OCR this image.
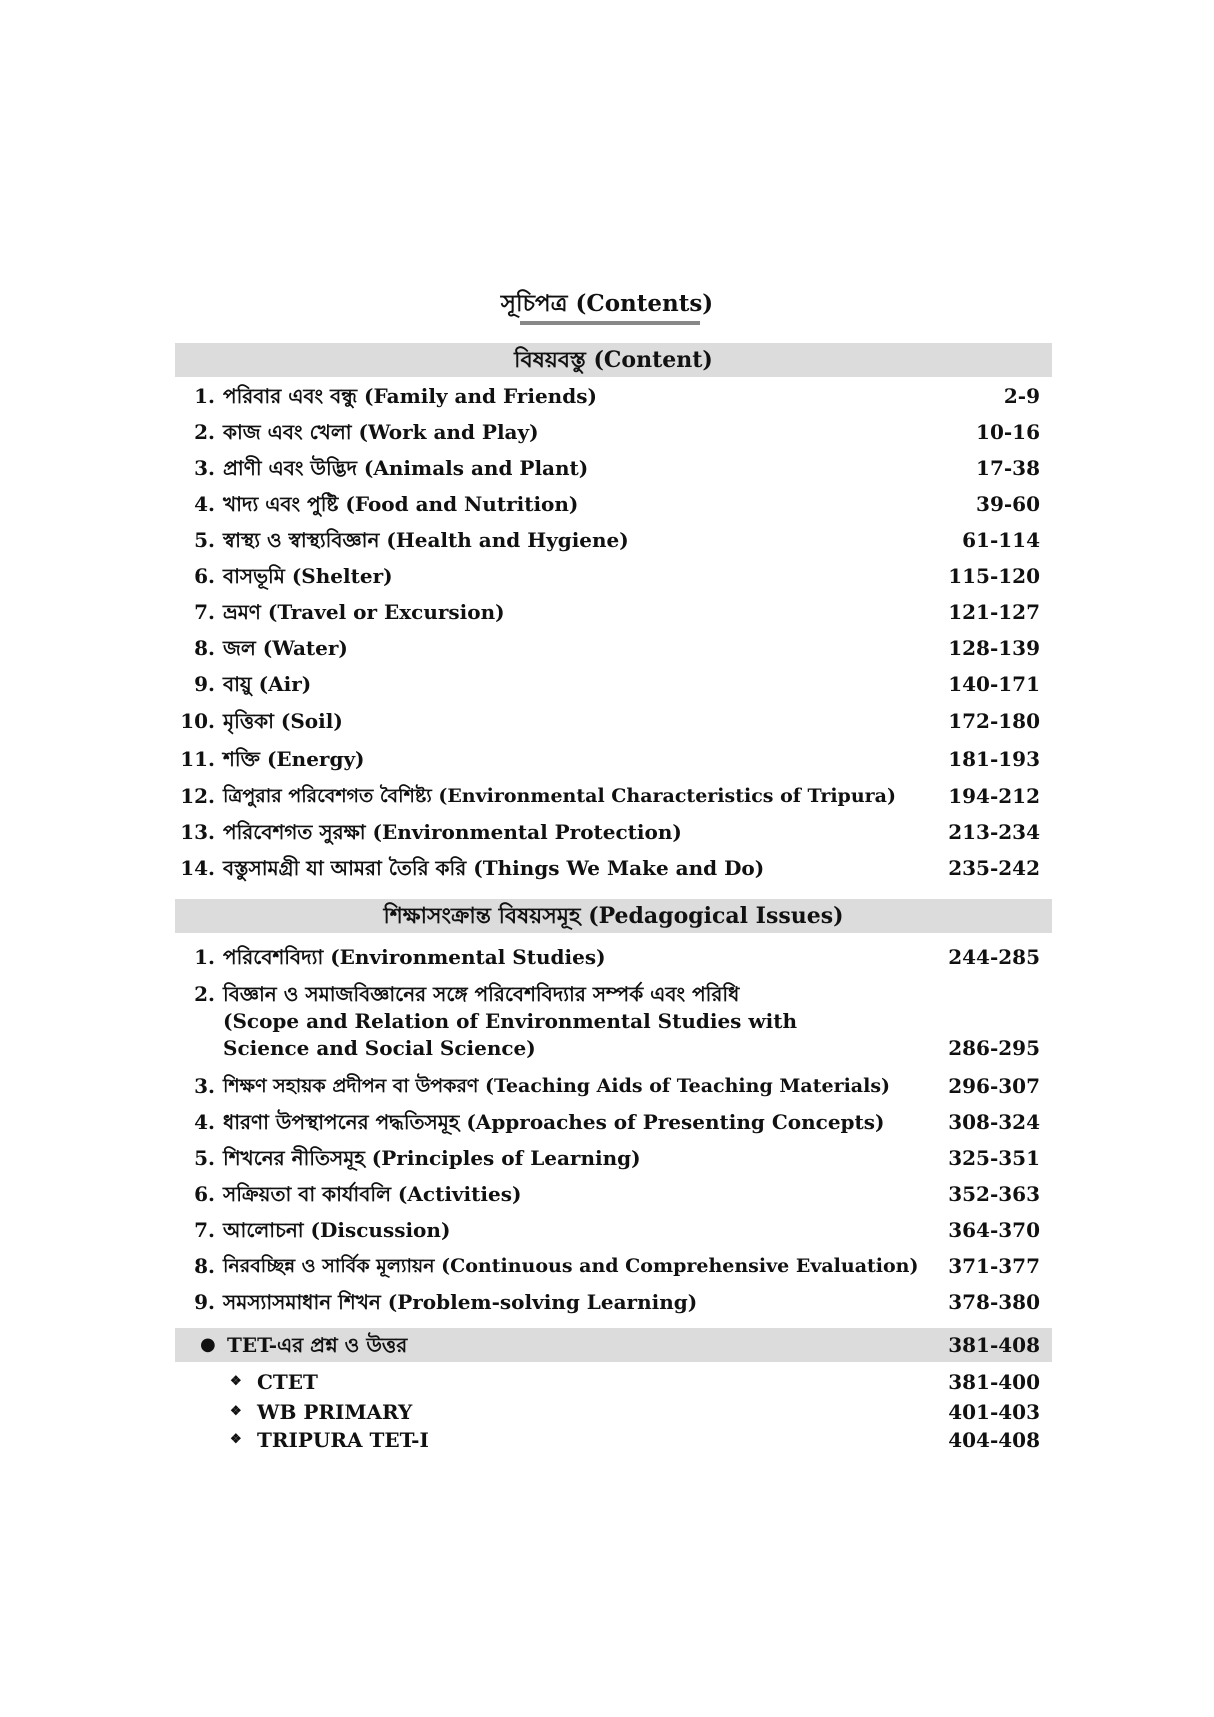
সূচিপত্র (Contents)
বিষয়বস্তু (Content)
1. পরিবার এবং বন্ধু (Family and Friends)	2-9
2. কাজ এবং খেলা (Work and Play)	10-16
3. প্রাণী এবং উদ্ভিদ (Animals and Plant)	17-38
4. খাদ্য এবং পুষ্টি (Food and Nutrition)	39-60
5. স্বাস্থ্য ও স্বাস্থ্যবিজ্ঞান (Health and Hygiene)	61-114
6. বাসভূমি (Shelter)	115-120
7. ভ্রমণ (Travel or Excursion)	121-127
8. জল (Water)	128-139
9. বায়ু (Air)	140-171
10. মৃত্তিকা (Soil)	172-180
11. শক্তি (Energy)	181-193
12. ত্রিপুরার পরিবেশগত বৈশিষ্ট্য (Environmental Characteristics of Tripura)	194-212
13. পরিবেশগত সুরক্ষা (Environmental Protection)	213-234
14. বস্তুসামগ্রী যা আমরা তৈরি করি (Things We Make and Do)	235-242
শিক্ষাসংক্রান্ত বিষয়সমূহ (Pedagogical Issues)
1. পরিবেশবিদ্যা (Environmental Studies)	244-285
2. বিজ্ঞান ও সমাজবিজ্ঞানের সঙ্গে পরিবেশবিদ্যার সম্পর্ক এবং পরিধি
(Scope and Relation of Environmental Studies with
Science and Social Science)	286-295
3. শিক্ষণ সহায়ক প্রদীপন বা উপকরণ (Teaching Aids of Teaching Materials)	296-307
4. ধারণা উপস্থাপনের পদ্ধতিসমূহ (Approaches of Presenting Concepts)	308-324
5. শিখনের নীতিসমূহ (Principles of Learning)	325-351
6. সক্রিয়তা বা কার্যাবলি (Activities)	352-363
7. আলোচনা (Discussion)	364-370
8. নিরবচ্ছিন্ন ও সার্বিক মূল্যায়ন (Continuous and Comprehensive Evaluation) 371-377
9. সমস্যাসমাধান শিখন (Problem-solving Learning)	378-380
● TET-এর প্রশ্ন ও উত্তর	381-408
❖ CTET	381-400
❖ WB PRIMARY	401-403
❖ TRIPURA TET-I	404-408
